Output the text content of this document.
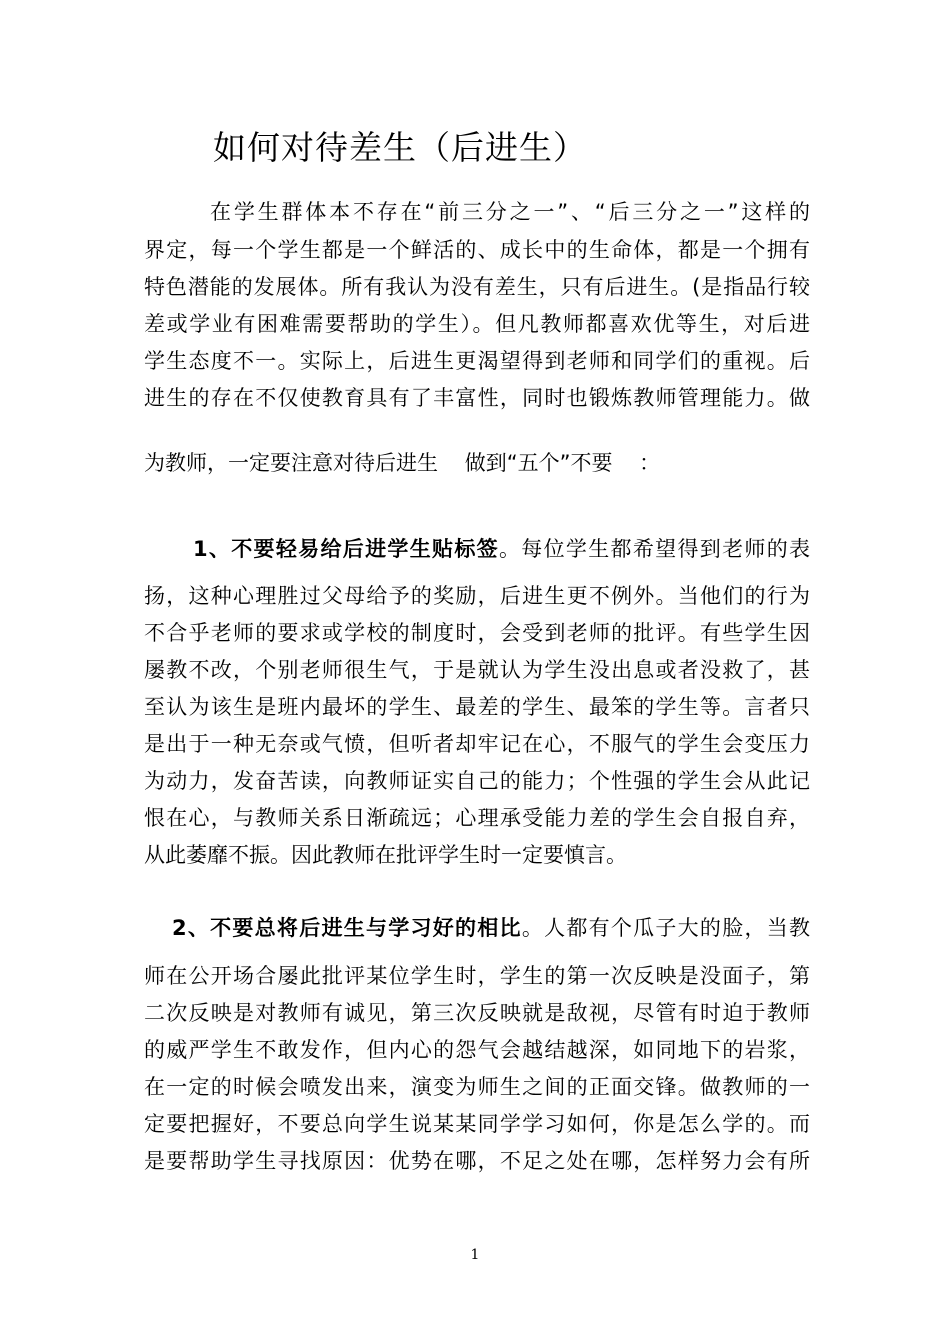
如何对待差生（后进生）
在学生群体本不存在“前三分之一”、“后三分之一”这样的
界定，每一个学生都是一个鲜活的、成长中的生命体，都是一个拥有
特色潜能的发展体。所有我认为没有差生，只有后进生。(是指品行较
差或学业有困难需要帮助的学生）。但凡教师都喜欢优等生，对后进
学生态度不一。实际上，后进生更渴望得到老师和同学们的重视。后
进生的存在不仅使教育具有了丰富性，同时也锻炼教师管理能力。做
为教师，一定要注意对待后进生    做到“五个”不要    ：
1、不要轻易给后进学生贴标签。每位学生都希望得到老师的表
扬，这种心理胜过父母给予的奖励，后进生更不例外。当他们的行为
不合乎老师的要求或学校的制度时，会受到老师的批评。有些学生因
屡教不改，个别老师很生气，于是就认为学生没出息或者没救了，甚
至认为该生是班内最坏的学生、最差的学生、最笨的学生等。言者只
是出于一种无奈或气愤，但听者却牢记在心，不服气的学生会变压力
为动力，发奋苦读，向教师证实自己的能力；个性强的学生会从此记
恨在心，与教师关系日渐疏远；心理承受能力差的学生会自报自弃，
从此萎靡不振。因此教师在批评学生时一定要慎言。
2、不要总将后进生与学习好的相比。人都有个瓜子大的脸，当教
师在公开场合屡此批评某位学生时，学生的第一次反映是没面子，第
二次反映是对教师有诚见，第三次反映就是敌视，尽管有时迫于教师
的威严学生不敢发作，但内心的怨气会越结越深，如同地下的岩浆，
在一定的时候会喷发出来，演变为师生之间的正面交锋。做教师的一
定要把握好，不要总向学生说某某同学学习如何，你是怎么学的。而
是要帮助学生寻找原因：优势在哪，不足之处在哪，怎样努力会有所
1
